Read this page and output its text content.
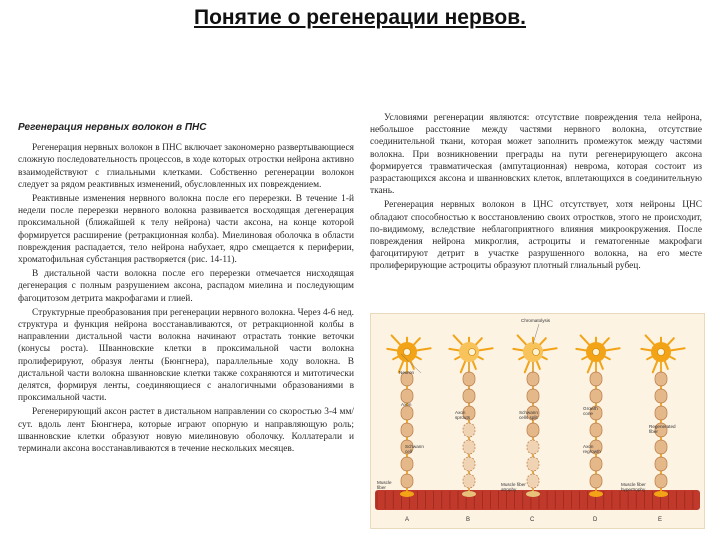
Понятие о регенерации нервов.
Регенерация нервных волокон в ПНС

Регенерация нервных волокон в ПНС включает закономерно развертывающиеся сложную последовательность процессов, в ходе которых отростки нейрона активно взаимодействуют с глиальными клетками. Собственно регенерации волокон следует за рядом реактивных изменений, обусловленных их повреждением.

Реактивные изменения нервного волокна после его перерезки. В течение 1-й недели после перерезки нервного волокна развивается восходящая дегенерация проксимальной (ближайшей к телу нейрона) части аксона, на конце которой формируется расширение (ретракционная колба). Миелиновая оболочка в области повреждения распадается, тело нейрона набухает, ядро смещается к периферии, хроматофильная субстанция растворяется (рис. 14-11).

В дистальной части волокна после его перерезки отмечается нисходящая дегенерация с полным разрушением аксона, распадом миелина и последующим фагоцитозом детрита макрофагами и глией.

Структурные преобразования при регенерации нервного волокна. Через 4-6 нед. структура и функция нейрона восстанавливаются, от ретракционной колбы в направлении дистальной части волокна начинают отрастать тонкие веточки (конусы роста). Шванновские клетки в проксимальной части волокна пролиферируют, образуя ленты (Бюнгнера), параллельные ходу волокна. В дистальной части волокна шванновские клетки также сохраняются и митотически делятся, формируя ленты, соединяющиеся с аналогичными образованиями в проксимальной части.

Регенерирующий аксон растет в дистальном направлении со скоростью 3-4 мм/сут. вдоль лент Бюнгнера, которые играют опорную и направляющую роль; шванновские клетки образуют новую миелиновую оболочку. Коллатерали и терминали аксона восстанавливаются в течение нескольких месяцев.

Условиями регенерации являются: отсутствие повреждения тела нейрона, небольшое расстояние между частями нервного волокна, отсутствие соединительной ткани, которая может заполнить промежуток между частями волокна. При возникновении преграды на пути регенерирующего аксона формируется травматическая (ампутационная) неврома, которая состоит из разрастающихся аксона и шванновских клеток, вплетающихся в соединительную ткань.

Регенерация нервных волокон в ЦНС отсутствует, хотя нейроны ЦНС обладают способностью к восстановлению своих отростков, этого не происходит, по-видимому, вследствие неблагоприятного влияния микроокружения. После повреждения нейрона микроглия, астроциты и гематогенные макрофаги фагоцитируют детрит в участке разрушенного волокна, на его месте пролиферирующие астроциты образуют плотный глиальный рубец.

Neuron
Chromatolysis
Axon
Schwann cell
Muscle fiber
Axon sprouts
Schwann cells split
Growth cone
Muscle fiber atrophy
Axon regrowth
Regenerated fiber
Muscle fiber hypertrophy
A	B	C	D	E
